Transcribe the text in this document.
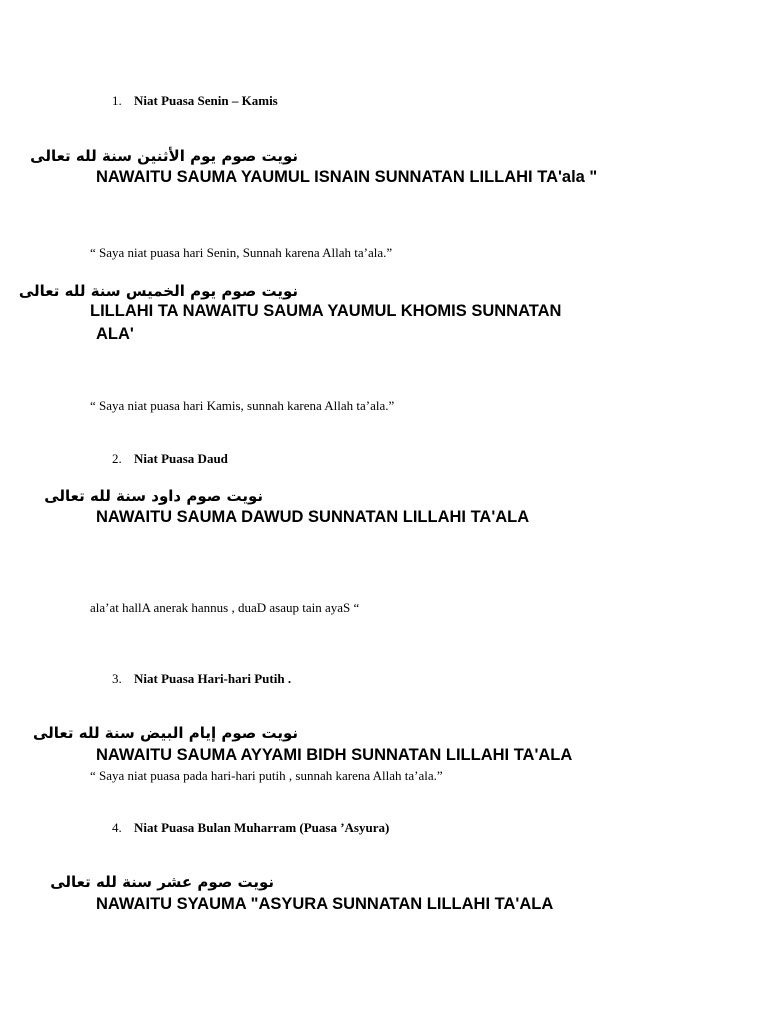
1. Niat Puasa Senin – Kamis
نويت صوم يوم الأثنين سنة لله تعالى
NAWAITU SAUMA YAUMUL ISNAIN SUNNATAN LILLAHI TA'ala "
“ Saya niat puasa hari Senin, Sunnah karena Allah ta’ala.”
نويت صوم يوم الخميس سنة لله تعالى
LILLAHI TA NAWAITU SAUMA YAUMUL KHOMIS SUNNATAN
ALA'
“ Saya niat puasa hari Kamis, sunnah karena Allah ta’ala.”
2. Niat Puasa Daud
نويت صوم داود سنة لله تعالى
NAWAITU SAUMA DAWUD SUNNATAN LILLAHI TA'ALA
ala’at hallA anerak hannus , duaD asaup tain ayaS “
3. Niat Puasa Hari-hari Putih .
نويت صوم إيام البيض سنة لله تعالى
NAWAITU SAUMA AYYAMI BIDH SUNNATAN LILLAHI TA'ALA
“ Saya niat puasa pada hari-hari putih , sunnah karena Allah ta’ala.”
4. Niat Puasa Bulan Muharram (Puasa ’Asyura)
نويت صوم عشر سنة لله تعالى
NAWAITU SYAUMA "ASYURA SUNNATAN LILLAHI TA'ALA
